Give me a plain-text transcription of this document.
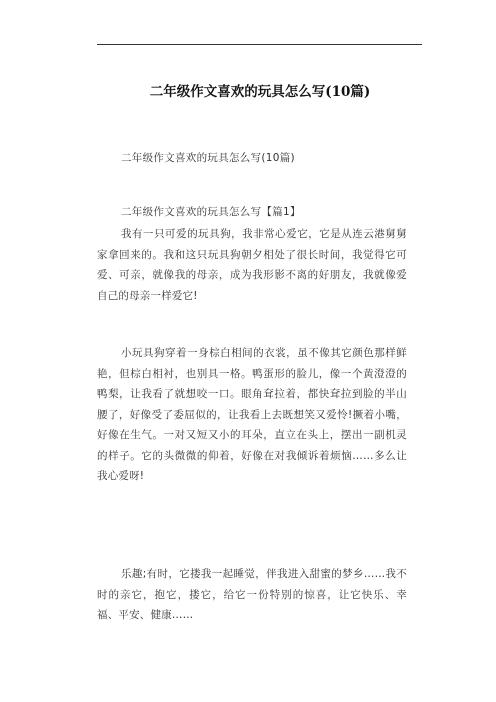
二年级作文喜欢的玩具怎么写(10篇)
二年级作文喜欢的玩具怎么写(10篇)
二年级作文喜欢的玩具怎么写【篇1】

我有一只可爱的玩具狗，我非常心爱它，它是从连云港舅舅家拿回来的。我和这只玩具狗朝夕相处了很长时间，我觉得它可爱、可亲，就像我的母亲，成为我形影不离的好朋友，我就像爱自己的母亲一样爱它!

小玩具狗穿着一身棕白相间的衣裳，虽不像其它颜色那样鲜艳，但棕白相衬，也别具一格。鸭蛋形的脸儿，像一个黄澄澄的鸭梨，让我看了就想咬一口。眼角耷拉着，都快耷拉到脸的半山腰了，好像受了委屈似的，让我看上去既想笑又爱怜!撅着小嘴，好像在生气。一对又短又小的耳朵，直立在头上，摆出一副机灵的样子。它的头微微的仰着，好像在对我倾诉着烦恼……多么让我心爱呀!

乐趣;有时，它搂我一起睡觉，伴我进入甜蜜的梦乡……我不时的亲它，抱它，搂它，给它一份特别的惊喜，让它快乐、幸福、平安、健康……
